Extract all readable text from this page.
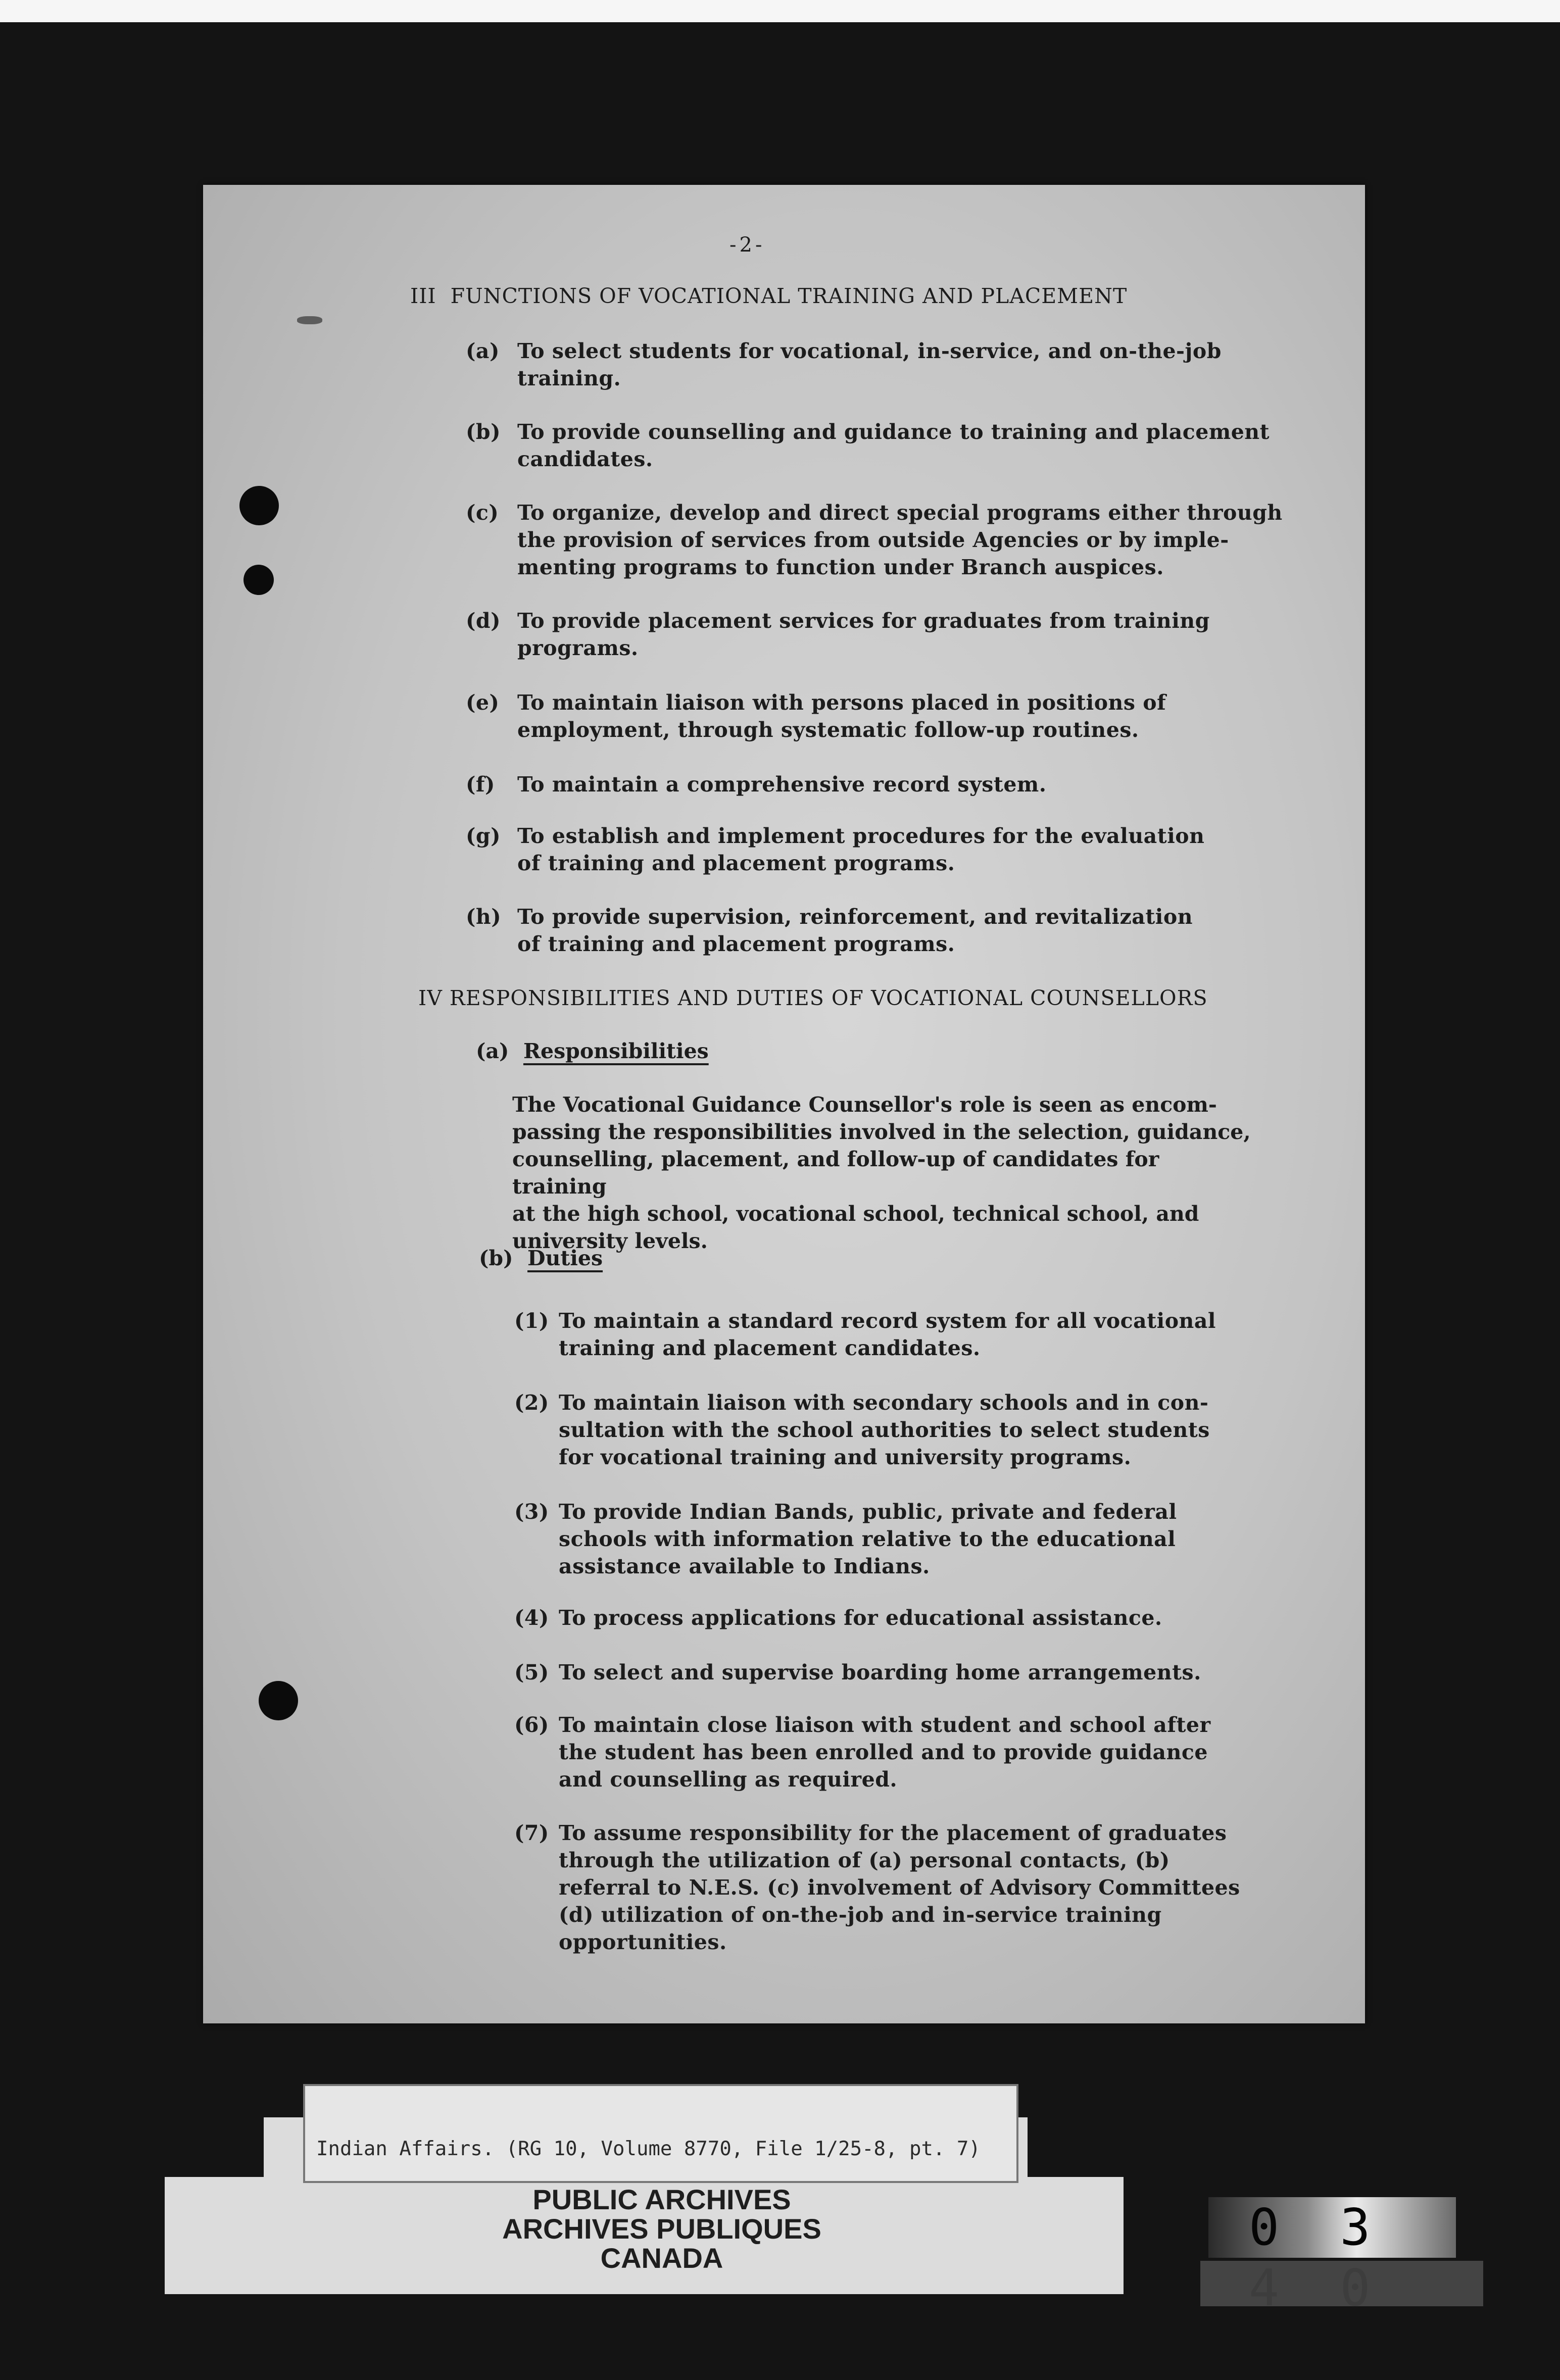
-2-
III FUNCTIONS OF VOCATIONAL TRAINING AND PLACEMENT
(a) To select students for vocational, in-service, and on-the-job
training.
(b) To provide counselling and guidance to training and placement
candidates.
(c) To organize, develop and direct special programs either through
the provision of services from outside Agencies or by imple-
menting programs to function under Branch auspices.
(d) To provide placement services for graduates from training
programs.
(e) To maintain liaison with persons placed in positions of
employment, through systematic follow-up routines.
(f) To maintain a comprehensive record system.
(g) To establish and implement procedures for the evaluation
of training and placement programs.
(h) To provide supervision, reinforcement, and revitalization
of training and placement programs.
IV RESPONSIBILITIES AND DUTIES OF VOCATIONAL COUNSELLORS
(a) Responsibilities
The Vocational Guidance Counsellor's role is seen as encom-
passing the responsibilities involved in the selection, guidance,
counselling, placement, and follow-up of candidates for training
at the high school, vocational school, technical school, and
university levels.
(b) Duties
(1) To maintain a standard record system for all vocational
training and placement candidates.
(2) To maintain liaison with secondary schools and in con-
sultation with the school authorities to select students
for vocational training and university programs.
(3) To provide Indian Bands, public, private and federal
schools with information relative to the educational
assistance available to Indians.
(4) To process applications for educational assistance.
(5) To select and supervise boarding home arrangements.
(6) To maintain close liaison with student and school after
the student has been enrolled and to provide guidance
and counselling as required.
(7) To assume responsibility for the placement of graduates
through the utilization of (a) personal contacts, (b)
referral to N.E.S. (c) involvement of Advisory Committees
(d) utilization of on-the-job and in-service training
opportunities.
Indian Affairs. (RG 10, Volume 8770, File 1/25-8, pt. 7)
PUBLIC ARCHIVES
ARCHIVES PUBLIQUES
CANADA
0 3
